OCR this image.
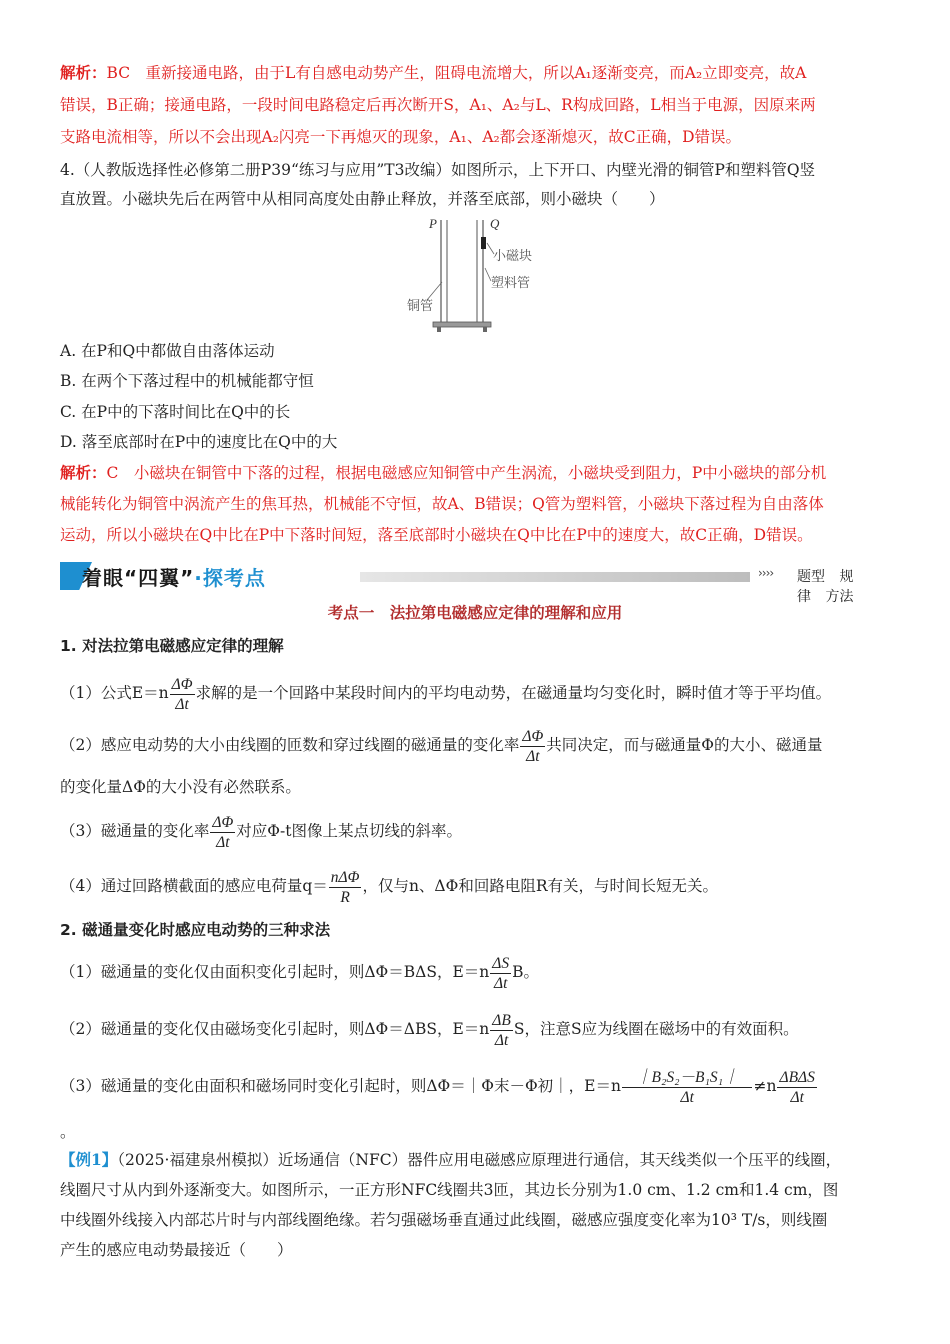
解析：BC　重新接通电路，由于L有自感电动势产生，阻碍电流增大，所以A₁逐渐变亮，而A₂立即变亮，故A
错误，B正确；接通电路，一段时间电路稳定后再次断开S，A₁、A₂与L、R构成回路，L相当于电源，因原来两
支路电流相等，所以不会出现A₂闪亮一下再熄灭的现象，A₁、A₂都会逐渐熄灭，故C正确，D错误。
4.（人教版选择性必修第二册P39“练习与应用”T3改编）如图所示，上下开口、内壁光滑的铜管P和塑料管Q竖
直放置。小磁块先后在两管中从相同高度处由静止释放，并落至底部，则小磁块（　　）
P	Q
小磁块
塑料管
铜管
A. 在P和Q中都做自由落体运动
B. 在两个下落过程中的机械能都守恒
C. 在P中的下落时间比在Q中的长
D. 落至底部时在P中的速度比在Q中的大
解析：C　小磁块在铜管中下落的过程，根据电磁感应知铜管中产生涡流，小磁块受到阻力，P中小磁块的部分机
械能转化为铜管中涡流产生的焦耳热，机械能不守恒，故A、B错误；Q管为塑料管，小磁块下落过程为自由落体
运动，所以小磁块在Q中比在P中下落时间短，落至底部时小磁块在Q中比在P中的速度大，故C正确，D错误。
着眼“四翼”·探考点	›››› 题型 规律 方法
考点一　法拉第电磁感应定律的理解和应用
1. 对法拉第电磁感应定律的理解
（1）公式$E=n \frac{\Delta\Phi}{\Delta t}$ 求解的是一个回路中某段时间内的平均电动势，在磁通量均匀变化时，瞬时值才等于平均值。
（2）感应电动势的大小由线圈的匝数和穿过线圈的磁通量的变化率 $\frac{\Delta\Phi}{\Delta t}$ 共同决定，而与磁通量Φ的大小、磁通量
的变化量ΔΦ的大小没有必然联系。
（3）磁通量的变化率 $\frac{\Delta\Phi}{\Delta t}$ 对应Φ-t图像上某点切线的斜率。
（4）通过回路横截面的感应电荷量$q= \frac{\text{nΔΦ}}{R}$ ，仅与n、ΔΦ和回路电阻R有关，与时间长短无关。
2. 磁通量变化时感应电动势的三种求法
（1）磁通量的变化仅由面积变化引起时，则ΔΦ＝BΔS，$E=n \frac{\Delta S}{\Delta t}$ B。
（2）磁通量的变化仅由磁场变化引起时，则ΔΦ＝ΔBS，$E=n \frac{\Delta B}{\Delta t}$ S，注意S应为线圈在磁场中的有效面积。
（3）磁通量的变化由面积和磁场同时变化引起时，则ΔΦ＝｜Φ末－Φ初｜，$E=n \frac{\text{｜B₂S₂－B₁S₁｜}}{\Delta t} \ne n \frac{\text{ΔBΔS}}{\Delta t}$
。
【例1】（2025·福建泉州模拟）近场通信（NFC）器件应用电磁感应原理进行通信，其天线类似一个压平的线圈，
线圈尺寸从内到外逐渐变大。如图所示，一正方形NFC线圈共3匝，其边长分别为1.0 cm、1.2 cm和1.4 cm，图
中线圈外线接入内部芯片时与内部线圈绝缘。若匀强磁场垂直通过此线圈，磁感应强度变化率为10³ T/s，则线圈
产生的感应电动势最接近（　　）
